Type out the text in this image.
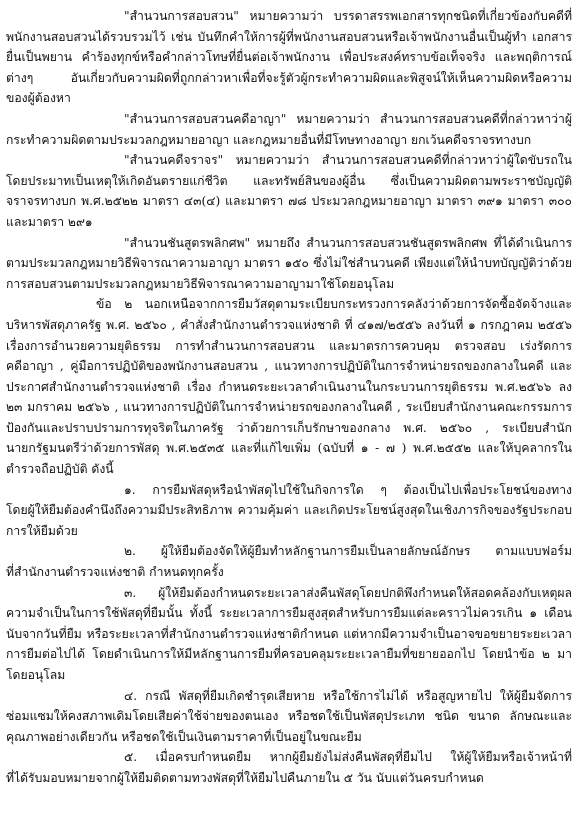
"สำนวนการสอบสวน" หมายความว่า บรรดาสรรพเอกสารทุกชนิดที่เกี่ยวข้องกับคดีที่
พนักงานสอบสวนได้รวบรวมไว้ เช่น บันทึกคำให้การผู้ที่พนักงานสอบสวนหรือเจ้าพนักงานอื่นเป็นผู้ทำ เอกสาร
ยื่นเป็นพยาน คำร้องทุกข์หรือคำกล่าวโทษที่ยื่นต่อเจ้าพนักงาน เพื่อประสงค์ทราบข้อเท็จจริง และพฤติการณ์
ต่างๆ อันเกี่ยวกับความผิดที่ถูกกล่าวหาเพื่อที่จะรู้ตัวผู้กระทำความผิดและพิสูจน์ให้เห็นความผิดหรือความ
ของผู้ต้องหา
"สำนวนการสอบสวนคดีอาญา" หมายความว่า สำนวนการสอบสวนคดีที่กล่าวหาว่าผู้
กระทำความผิดตามประมวลกฎหมายอาญา และกฎหมายอื่นที่มีโทษทางอาญา ยกเว้นคดีจราจรทางบก
"สำนวนคดีจราจร" หมายความว่า สำนวนการสอบสวนคดีที่กล่าวหาว่าผู้ใดขับรถใน
โดยประมาทเป็นเหตุให้เกิดอันตรายแก่ชีวิต และทรัพย์สินของผู้อื่น ซึ่งเป็นความผิดตามพระราชบัญญัติ
จราจรทางบก พ.ศ.๒๕๒๒ มาตรา ๔๓(๔) และมาตรา ๗๘ ประมวลกฎหมายอาญา มาตรา ๓๙๑ มาตรา ๓๐๐
และมาตรา ๒๙๑
"สำนวนชันสูตรพลิกศพ" หมายถึง สำนวนการสอบสวนชันสูตรพลิกศพ ที่ได้ดำเนินการ
ตามประมวลกฎหมายวิธีพิจารณาความอาญา มาตรา ๑๕๐ ซึ่งไม่ใช่สำนวนคดี เพียงแต่ให้นำบทบัญญัติว่าด้วย
การสอบสวนตามประมวลกฎหมายวิธีพิจารณาความอาญามาใช้โดยอนุโลม
ข้อ ๒ นอกเหนือจากการยืมวัสดุตามระเบียบกระทรวงการคลังว่าด้วยการจัดซื้อจัดจ้างและ
บริหารพัสดุภาครัฐ พ.ศ. ๒๕๖๐ , คำสั่งสำนักงานตำรวจแห่งชาติ ที่ ๔๑๗/๒๕๕๖ ลงวันที่ ๑ กรกฎาคม ๒๕๕๖
เรื่องการอำนวยความยุติธรรม การทำสำนวนการสอบสวน และมาตรการควบคุม ตรวจสอบ เร่งรัดการ
คดีอาญา , คู่มือการปฏิบัติของพนักงานสอบสวน , แนวทางการปฏิบัติในการจำหน่ายรถของกลางในคดี และ
ประกาศสำนักงานตำรวจแห่งชาติ เรื่อง กำหนดระยะเวลาดำเนินงานในกระบวนการยุติธรรม พ.ศ.๒๕๖๖ ลง
๒๓ มกราคม ๒๕๖๖ , แนวทางการปฏิบัติในการจำหน่ายรถของกลางในคดี , ระเบียบสำนักงานคณะกรรมการ
ป้องกันและปราบปรามการทุจริตในภาครัฐ ว่าด้วยการเก็บรักษาของกลาง พ.ศ. ๒๕๖๐ , ระเบียบสำนัก
นายกรัฐมนตรีว่าด้วยการพัสดุ พ.ศ.๒๕๓๕ และที่แก้ไขเพิ่ม (ฉบับที่ ๑ - ๗ ) พ.ศ.๒๕๕๒ และให้บุคลากรใน
ตำรวจถือปฏิบัติ ดังนี้
๑. การยืมพัสดุหรือนำพัสดุไปใช้ในกิจการใด ๆ ต้องเป็นไปเพื่อประโยชน์ของทาง
โดยผู้ให้ยืมต้องคำนึงถึงความมีประสิทธิภาพ ความคุ้มค่า และเกิดประโยชน์สูงสุดในเชิงภารกิจของรัฐประกอบ
การให้ยืมด้วย
๒. ผู้ให้ยืมต้องจัดให้ผู้ยืมทำหลักฐานการยืมเป็นลายลักษณ์อักษร ตามแบบฟอร์ม
ที่สำนักงานตำรวจแห่งชาติ กำหนดทุกครั้ง
๓. ผู้ให้ยืมต้องกำหนดระยะเวลาส่งคืนพัสดุโดยปกติพึงกำหนดให้สอดคล้องกับเหตุผล
ความจำเป็นในการใช้พัสดุที่ยืมนั้น ทั้งนี้ ระยะเวลาการยืมสูงสุดสำหรับการยืมแต่ละคราวไม่ควรเกิน ๑ เดือน
นับจากวันที่ยืม หรือระยะเวลาที่สำนักงานตำรวจแห่งชาติกำหนด แต่หากมีความจำเป็นอาจขอขยายระยะเวลา
การยืมต่อไปได้ โดยดำเนินการให้มีหลักฐานการยืมที่ครอบคลุมระยะเวลายืมที่ขยายออกไป โดยนำข้อ ๒ มา
โดยอนุโลม
๔. กรณี พัสดุที่ยืมเกิดชำรุดเสียหาย หรือใช้การไม่ได้ หรือสูญหายไป ให้ผู้ยืมจัดการ
ซ่อมแซมให้คงสภาพเดิมโดยเสียค่าใช้จ่ายของตนเอง หรือชดใช้เป็นพัสดุประเภท ชนิด ขนาด ลักษณะและ
คุณภาพอย่างเดียวกัน หรือชดใช้เป็นเงินตามราคาที่เป็นอยู่ในขณะยืม
๕. เมื่อครบกำหนดยืม หากผู้ยืมยังไม่ส่งคืนพัสดุที่ยืมไป ให้ผู้ให้ยืมหรือเจ้าหน้าที่
ที่ได้รับมอบหมายจากผู้ให้ยืมติดตามทวงพัสดุที่ให้ยืมไปคืนภายใน ๕ วัน นับแต่วันครบกำหนด
